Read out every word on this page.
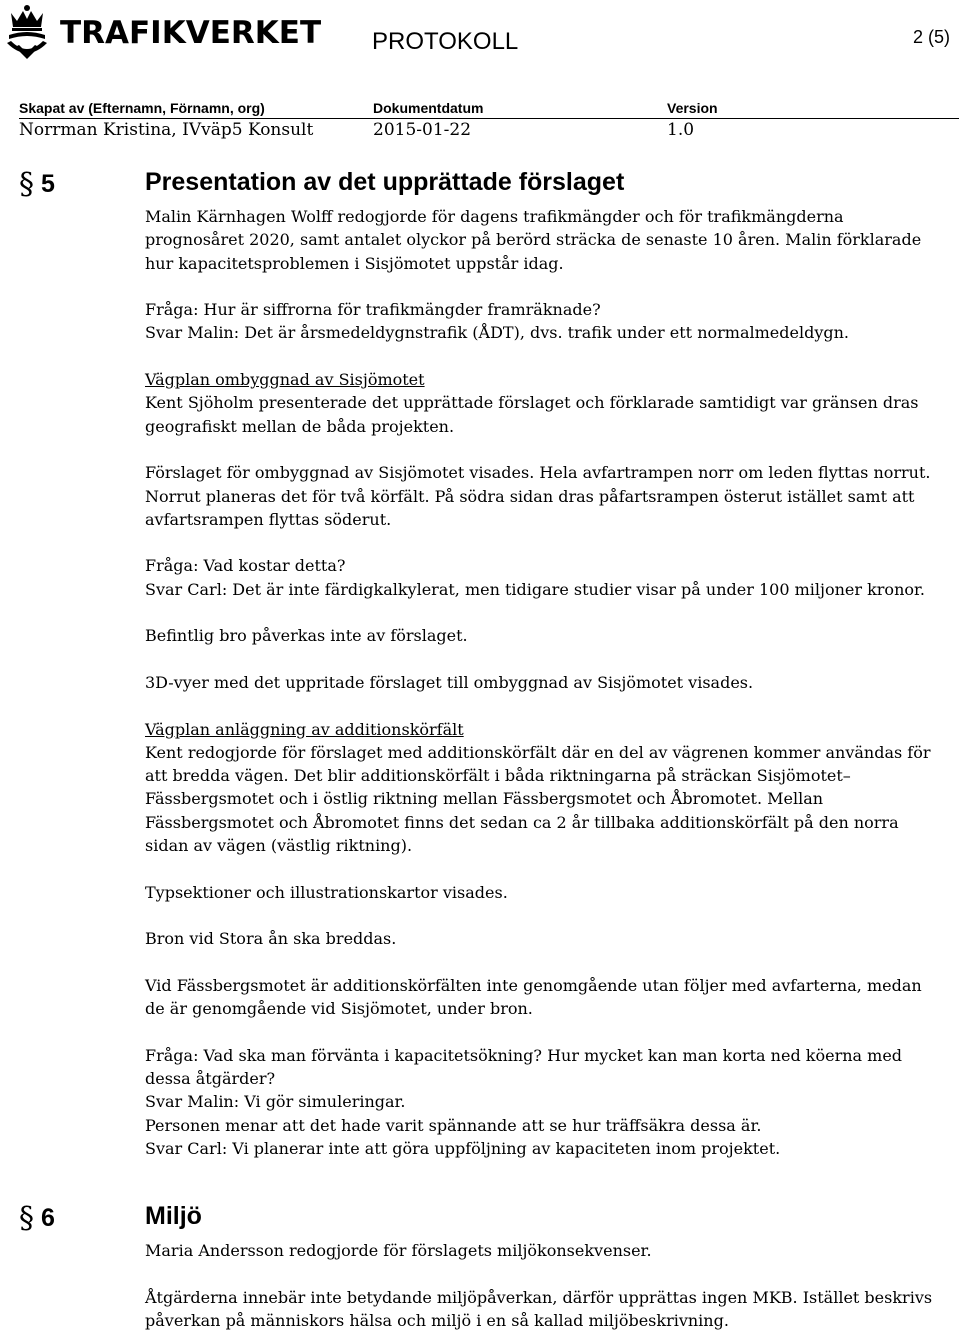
TRAFIKVERKET PROTOKOLL	2 (5)
Skapat av (Efternamn, Förnamn, org)
Norrman Kristina, IVväp5 Konsult
Dokumentdatum
2015-01-22
Version
1.0
§ 5	Presentation av det upprättade förslaget

Malin Kärnhagen Wolff redogjorde för dagens trafikmängder och för trafikmängderna prognosåret 2020, samt antalet olyckor på berörd sträcka de senaste 10 åren. Malin förklarade hur kapacitetsproblemen i Sisjömotet uppstår idag.

Fråga: Hur är siffrorna för trafikmängder framräknade?

Svar Malin: Det är årsmedeldygnstrafik (ÅDT), dvs. trafik under ett normalmedeldygn.

Vägplan ombyggnad av Sisjömotet

Kent Sjöholm presenterade det upprättade förslaget och förklarade samtidigt var gränsen dras geografiskt mellan de båda projekten.

Förslaget för ombyggnad av Sisjömotet visades. Hela avfartrampen norr om leden flyttas norrut. Norrut planeras det för två körfält. På södra sidan dras påfartsrampen österut istället samt att avfartsrampen flyttas söderut.

Fråga: Vad kostar detta?

Svar Carl: Det är inte färdigkalkylerat, men tidigare studier visar på under 100 miljoner kronor.

Befintlig bro påverkas inte av förslaget.

3D-vyer med det uppritade förslaget till ombyggnad av Sisjömotet visades.

Vägplan anläggning av additionskörfält

Kent redogjorde för förslaget med additionskörfält där en del av vägrenen kommer användas för att bredda vägen. Det blir additionskörfält i båda riktningarna på sträckan Sisjömotet–Fässbergsmotet och i östlig riktning mellan Fässbergsmotet och Åbromotet. Mellan Fässbergsmotet och Åbromotet finns det sedan ca 2 år tillbaka additionskörfält på den norra sidan av vägen (västlig riktning).

Typsektioner och illustrationskartor visades.

Bron vid Stora ån ska breddas.

Vid Fässbergsmotet är additionskörfälten inte genomgående utan följer med avfarterna, medan de är genomgående vid Sisjömotet, under bron.

Fråga: Vad ska man förvänta i kapacitetsökning? Hur mycket kan man korta ned köerna med dessa åtgärder?

Svar Malin: Vi gör simuleringar.

Personen menar att det hade varit spännande att se hur träffsäkra dessa är.

Svar Carl: Vi planerar inte att göra uppföljning av kapaciteten inom projektet.

§ 6	Miljö

Maria Andersson redogjorde för förslagets miljökonsekvenser.

Åtgärderna innebär inte betydande miljöpåverkan, därför upprättas ingen MKB. Istället beskrivs påverkan på människors hälsa och miljö i en så kallad miljöbeskrivning.
